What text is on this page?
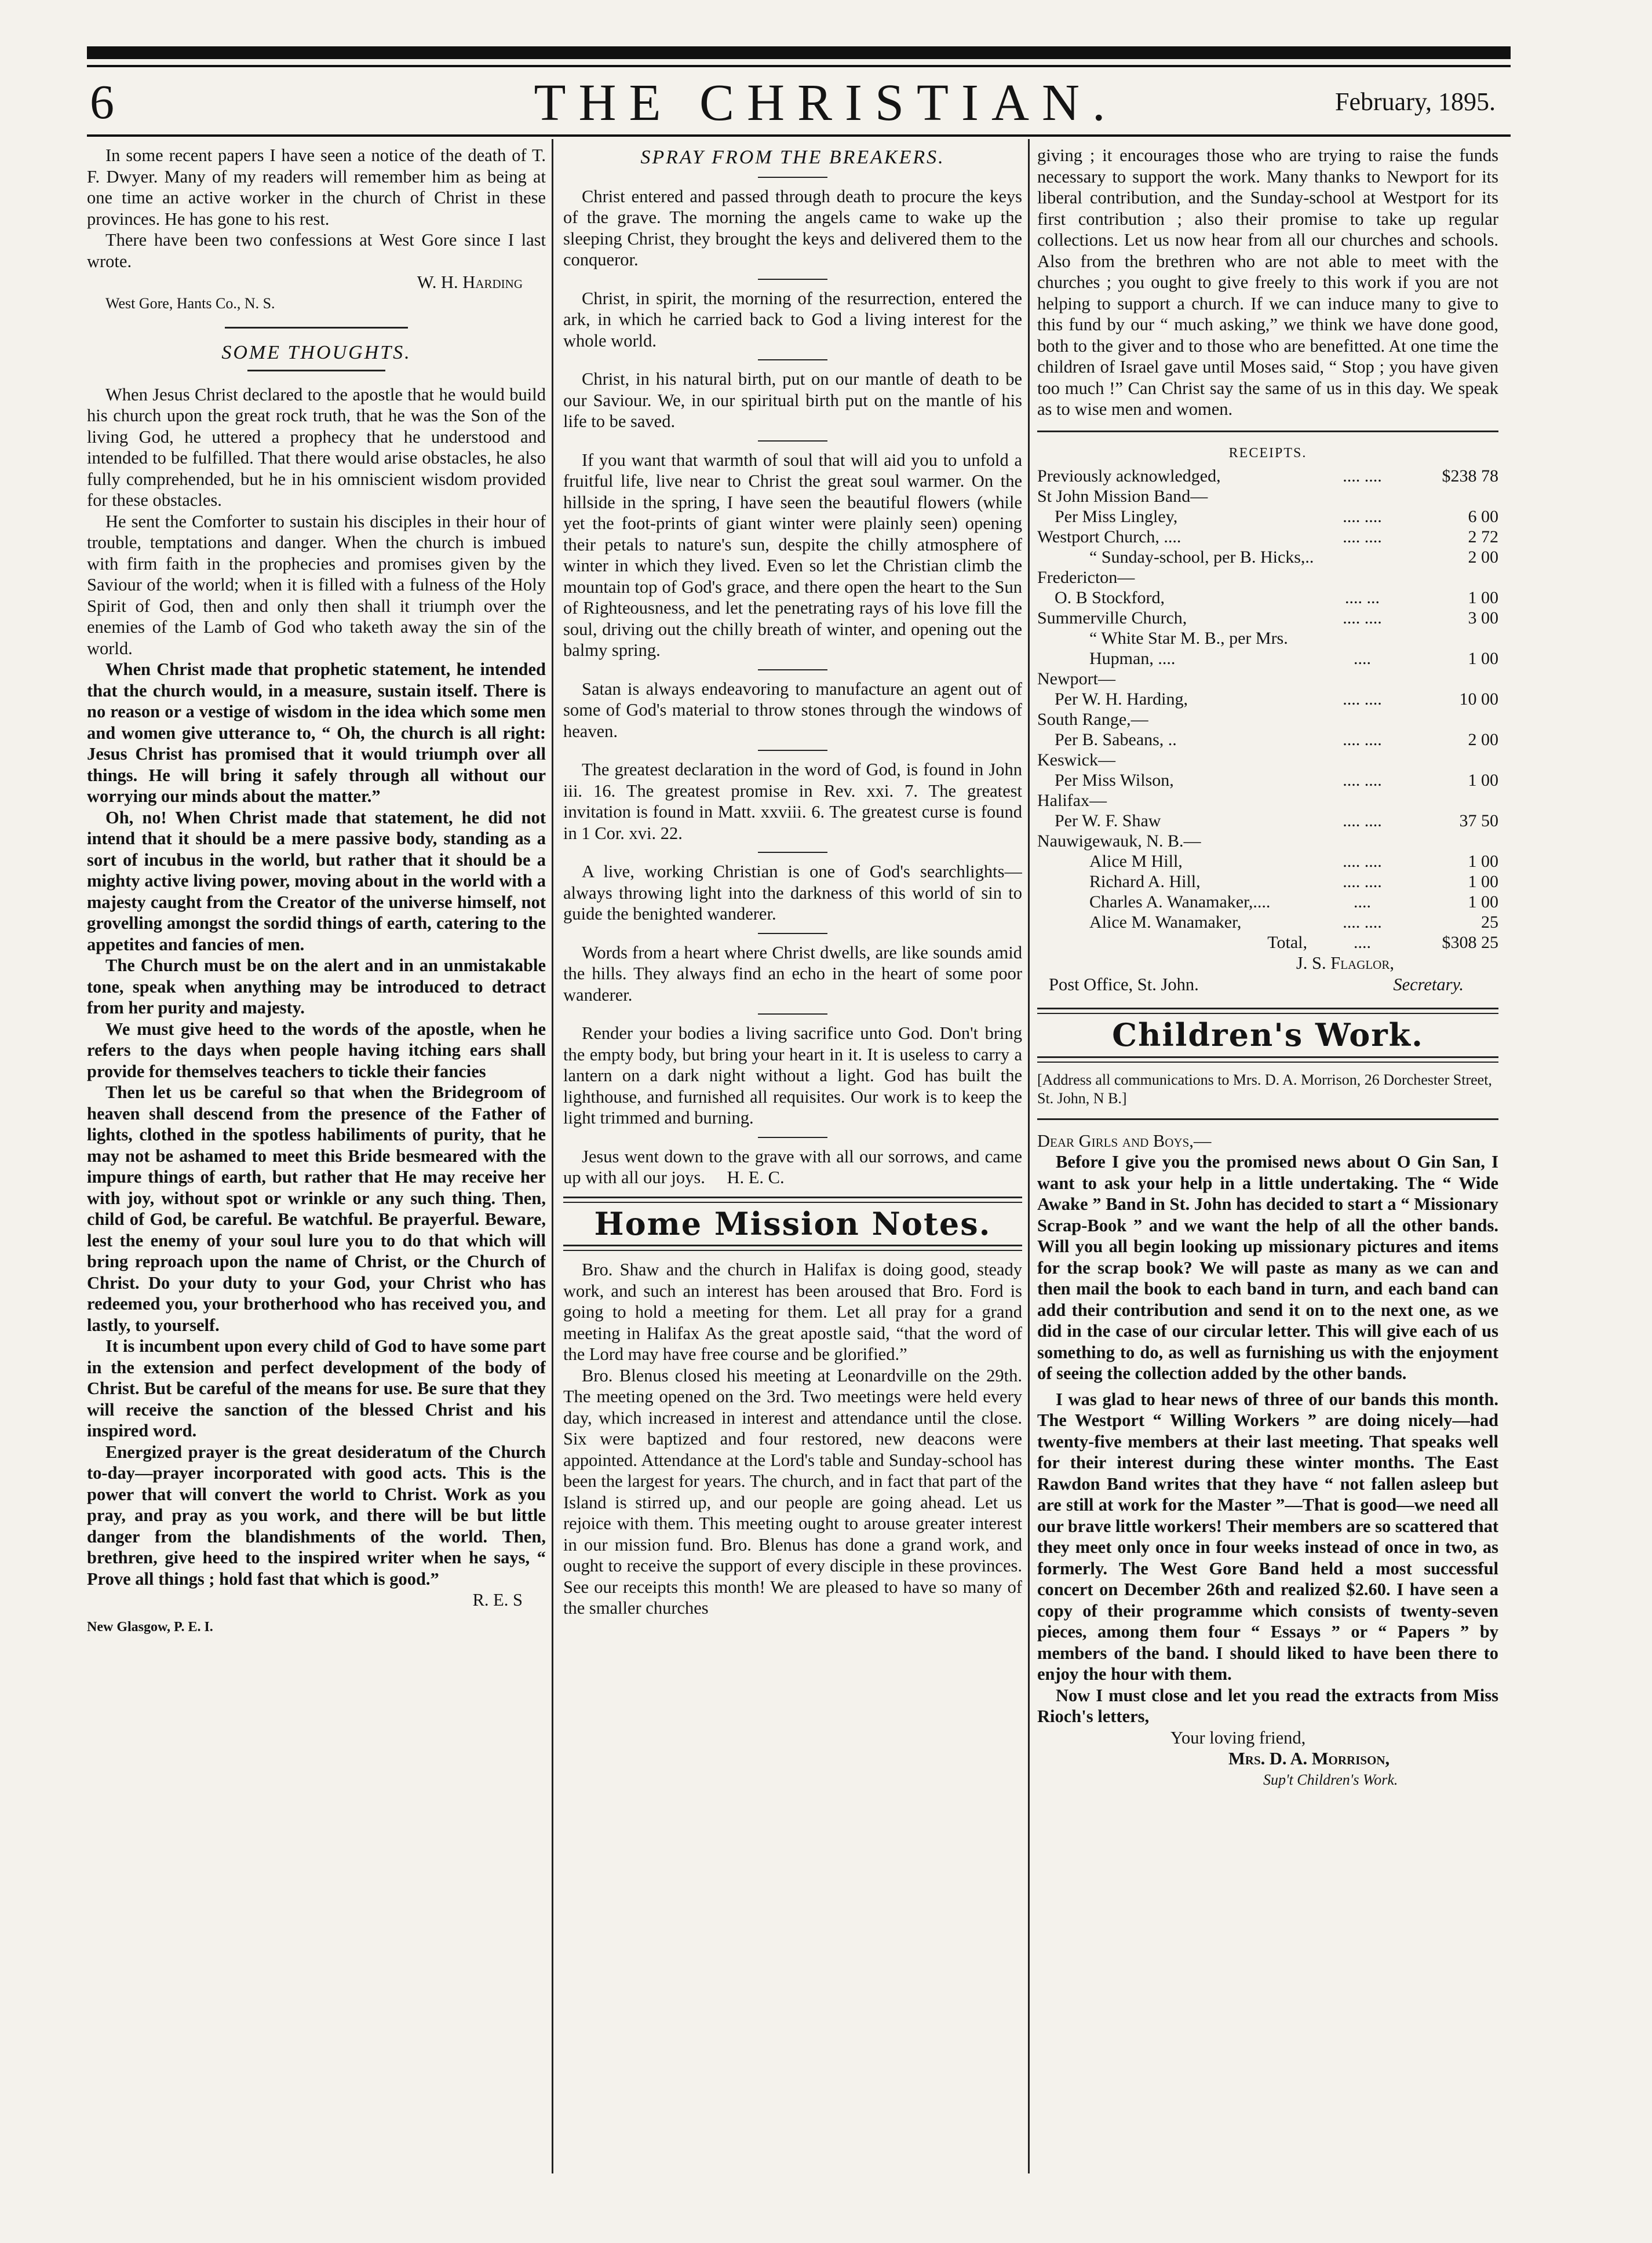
6	THE CHRISTIAN.	February, 1895.

In some recent papers I have seen a notice of the death of T. F. Dwyer. Many of my readers will remember him as being at one time an active worker in the church of Christ in these provinces. He has gone to his rest.

There have been two confessions at West Gore since I last wrote.

W. H. Harding

West Gore, Hants Co., N. S.

SOME THOUGHTS.

When Jesus Christ declared to the apostle that he would build his church upon the great rock truth, that he was the Son of the living God, he uttered a prophecy that he understood and intended to be fulfilled. That there would arise obstacles, he also fully comprehended, but he in his omniscient wisdom provided for these obstacles.

He sent the Comforter to sustain his disciples in their hour of trouble, temptations and danger. When the church is imbued with firm faith in the prophecies and promises given by the Saviour of the world; when it is filled with a fulness of the Holy Spirit of God, then and only then shall it triumph over the enemies of the Lamb of God who taketh away the sin of the world.

When Christ made that prophetic statement, he intended that the church would, in a measure, sustain itself. There is no reason or a vestige of wisdom in the idea which some men and women give utterance to, “ Oh, the church is all right: Jesus Christ has promised that it would triumph over all things. He will bring it safely through all without our worrying our minds about the matter.”

Oh, no! When Christ made that statement, he did not intend that it should be a mere passive body, standing as a sort of incubus in the world, but rather that it should be a mighty active living power, moving about in the world with a majesty caught from the Creator of the universe himself, not grovelling amongst the sordid things of earth, catering to the appetites and fancies of men.

The Church must be on the alert and in an unmistakable tone, speak when anything may be introduced to detract from her purity and majesty.

We must give heed to the words of the apostle, when he refers to the days when people having itching ears shall provide for themselves teachers to tickle their fancies

Then let us be careful so that when the Bridegroom of heaven shall descend from the presence of the Father of lights, clothed in the spotless habiliments of purity, that he may not be ashamed to meet this Bride besmeared with the impure things of earth, but rather that He may receive her with joy, without spot or wrinkle or any such thing. Then, child of God, be careful. Be watchful. Be prayerful. Beware, lest the enemy of your soul lure you to do that which will bring reproach upon the name of Christ, or the Church of Christ. Do your duty to your God, your Christ who has redeemed you, your brotherhood who has received you, and lastly, to yourself.

It is incumbent upon every child of God to have some part in the extension and perfect development of the body of Christ. But be careful of the means for use. Be sure that they will receive the sanction of the blessed Christ and his inspired word.

Energized prayer is the great desideratum of the Church to-day—prayer incorporated with good acts. This is the power that will convert the world to Christ. Work as you pray, and pray as you work, and there will be but little danger from the blandishments of the world. Then, brethren, give heed to the inspired writer when he says, “ Prove all things ; hold fast that which is good.”

R. E. S
New Glasgow, P. E. I.
SPRAY FROM THE BREAKERS.

Christ entered and passed through death to procure the keys of the grave. The morning the angels came to wake up the sleeping Christ, they brought the keys and delivered them to the conqueror.

Christ, in spirit, the morning of the resurrection, entered the ark, in which he carried back to God a living interest for the whole world.

Christ, in his natural birth, put on our mantle of death to be our Saviour. We, in our spiritual birth put on the mantle of his life to be saved.

If you want that warmth of soul that will aid you to unfold a fruitful life, live near to Christ the great soul warmer. On the hillside in the spring, I have seen the beautiful flowers (while yet the foot-prints of giant winter were plainly seen) opening their petals to nature's sun, despite the chilly atmosphere of winter in which they lived. Even so let the Christian climb the mountain top of God's grace, and there open the heart to the Sun of Righteousness, and let the penetrating rays of his love fill the soul, driving out the chilly breath of winter, and opening out the balmy spring.

Satan is always endeavoring to manufacture an agent out of some of God's material to throw stones through the windows of heaven.

The greatest declaration in the word of God, is found in John iii. 16. The greatest promise in Rev. xxi. 7. The greatest invitation is found in Matt. xxviii. 6. The greatest curse is found in 1 Cor. xvi. 22.

A live, working Christian is one of God's searchlights—always throwing light into the darkness of this world of sin to guide the benighted wanderer.

Words from a heart where Christ dwells, are like sounds amid the hills. They always find an echo in the heart of some poor wanderer.

Render your bodies a living sacrifice unto God. Don't bring the empty body, but bring your heart in it. It is useless to carry a lantern on a dark night without a light. God has built the lighthouse, and furnished all requisites. Our work is to keep the light trimmed and burning.

Jesus went down to the grave with all our sorrows, and came up with all our joys. H. E. C.

Home Mission Notes.

Bro. Shaw and the church in Halifax is doing good, steady work, and such an interest has been aroused that Bro. Ford is going to hold a meeting for them. Let all pray for a grand meeting in Halifax As the great apostle said, “that the word of the Lord may have free course and be glorified.”

Bro. Blenus closed his meeting at Leonardville on the 29th. The meeting opened on the 3rd. Two meetings were held every day, which increased in interest and attendance until the close. Six were baptized and four restored, new deacons were appointed. Attendance at the Lord's table and Sunday-school has been the largest for years. The church, and in fact that part of the Island is stirred up, and our people are going ahead. Let us rejoice with them. This meeting ought to arouse greater interest in our mission fund. Bro. Blenus has done a grand work, and ought to receive the support of every disciple in these provinces. See our receipts this month! We are pleased to have so many of the smaller churches

giving ; it encourages those who are trying to raise the funds necessary to support the work. Many thanks to Newport for its liberal contribution, and the Sunday-school at Westport for its first contribution ; also their promise to take up regular collections. Let us now hear from all our churches and schools. Also from the brethren who are not able to meet with the churches ; you ought to give freely to this work if you are not helping to support a church. If we can induce many to give to this fund by our “ much asking,” we think we have done good, both to the giver and to those who are benefitted. At one time the children of Israel gave until Moses said, “ Stop ; you have given too much !” Can Christ say the same of us in this day. We speak as to wise men and women.

RECEIPTS.
Previously acknowledged,	.... ....	$238 78
St John Mission Band—		
Per Miss Lingley,	.... ....	6 00
Westport Church, ....	.... ....	2 72
“ Sunday-school, per B. Hicks,..		2 00
Fredericton—		
O. B Stockford,	.... ...	1 00
Summerville Church,	.... ....	3 00
“ White Star M. B., per Mrs.		
Hupman, ....	....	1 00
Newport—		
Per W. H. Harding,	.... ....	10 00
South Range,—		
Per B. Sabeans, ..	.... ....	2 00
Keswick—		
Per Miss Wilson,	.... ....	1 00
Halifax—		
Per W. F. Shaw	.... ....	37 50
Nauwigewauk, N. B.—		
Alice M Hill,	.... ....	1 00
Richard A. Hill,	.... ....	1 00
Charles A. Wanamaker,....	....	1 00
Alice M. Wanamaker,	.... ....	25
Total,	....	$308 25
J. S. Flaglor,
Post Office, St. John.	Secretary.
Children's Work.
[Address all communications to Mrs. D. A. Morrison, 26 Dorchester Street, St. John, N B.]

Dear Girls and Boys,—

Before I give you the promised news about O Gin San, I want to ask your help in a little undertaking. The “ Wide Awake ” Band in St. John has decided to start a “ Missionary Scrap-Book ” and we want the help of all the other bands. Will you all begin looking up missionary pictures and items for the scrap book? We will paste as many as we can and then mail the book to each band in turn, and each band can add their contribution and send it on to the next one, as we did in the case of our circular letter. This will give each of us something to do, as well as furnishing us with the enjoyment of seeing the collection added by the other bands.

I was glad to hear news of three of our bands this month. The Westport “ Willing Workers ” are doing nicely—had twenty-five members at their last meeting. That speaks well for their interest during these winter months. The East Rawdon Band writes that they have “ not fallen asleep but are still at work for the Master ”—That is good—we need all our brave little workers! Their members are so scattered that they meet only once in four weeks instead of once in two, as formerly. The West Gore Band held a most successful concert on December 26th and realized $2.60. I have seen a copy of their programme which consists of twenty-seven pieces, among them four “ Essays ” or “ Papers ” by members of the band. I should liked to have been there to enjoy the hour with them.

Now I must close and let you read the extracts from Miss Rioch's letters,

Your loving friend,
Mrs. D. A. Morrison,
Sup't Children's Work.
